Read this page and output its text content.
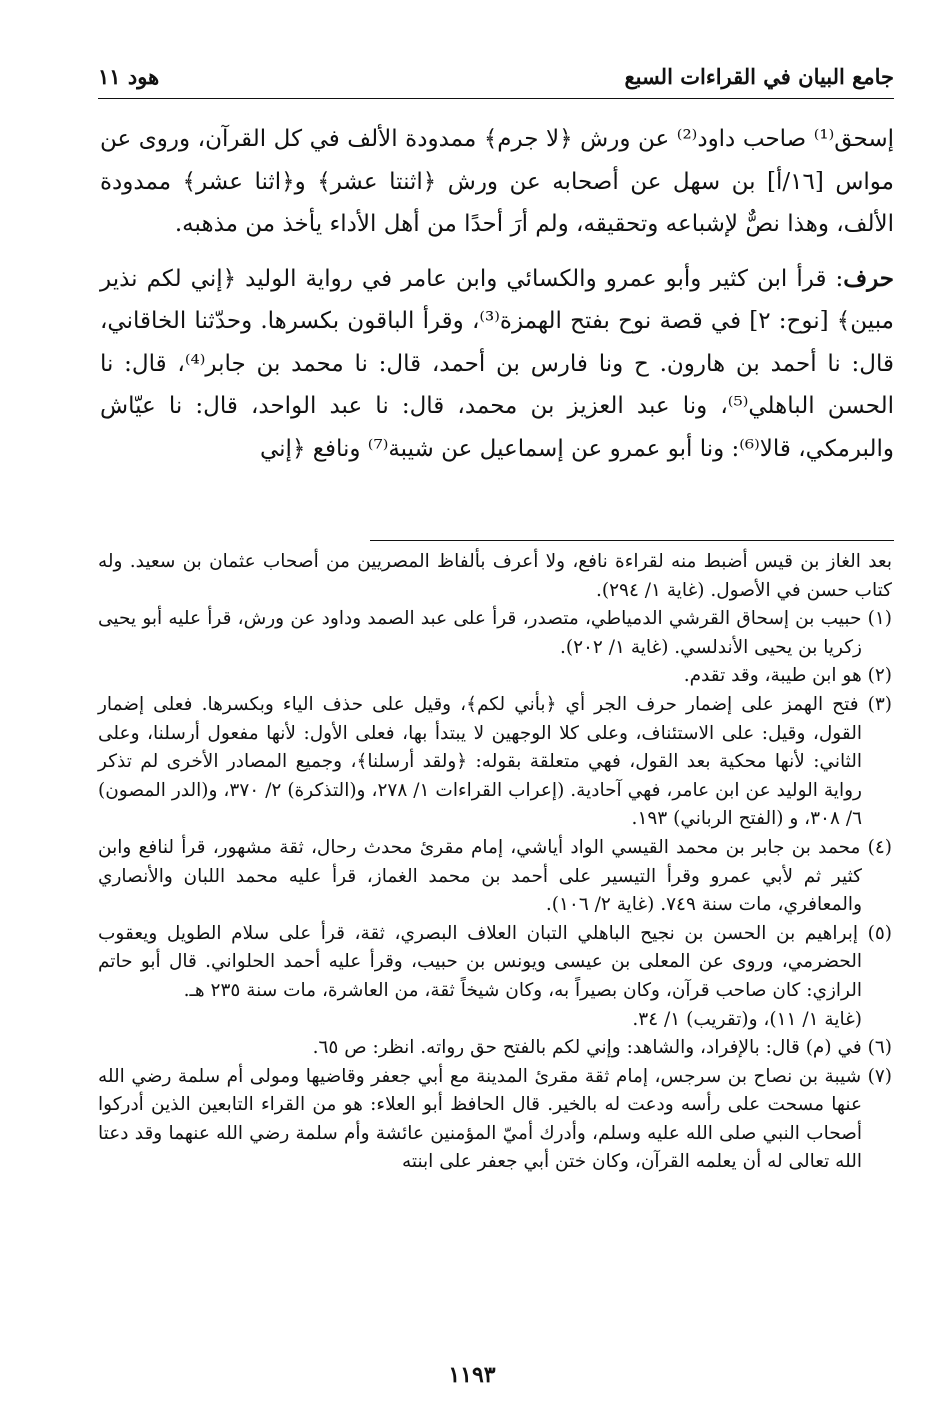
جامع البيان في القراءات السبع
هود ١١

إسحق⁽¹⁾ صاحب داود⁽²⁾ عن ورش ﴿لا جرم﴾ ممدودة الألف في كل القرآن، وروى عن مواس [١٦/أ] بن سهل عن أصحابه عن ورش ﴿اثنتا عشر﴾ و﴿اثنا عشر﴾ ممدودة الألف، وهذا نصٌّ لإشباعه وتحقيقه، ولم أرَ أحدًا من أهل الأداء يأخذ من مذهبه.

حرف: قرأ ابن كثير وأبو عمرو والكسائي وابن عامر في رواية الوليد ﴿إني لكم نذير مبين﴾ [نوح: ٢] في قصة نوح بفتح الهمزة⁽³⁾، وقرأ الباقون بكسرها. وحدّثنا الخاقاني، قال: نا أحمد بن هارون. ح ونا فارس بن أحمد، قال: نا محمد بن جابر⁽⁴⁾، قال: نا الحسن الباهلي⁽⁵⁾، ونا عبد العزيز بن محمد، قال: نا عبد الواحد، قال: نا عيّاش والبرمكي، قالا⁽⁶⁾: ونا أبو عمرو عن إسماعيل عن شيبة⁽⁷⁾ ونافع ﴿إني

بعد الغاز بن قيس أضبط منه لقراءة نافع، ولا أعرف بألفاظ المصريين من أصحاب عثمان بن سعيد. وله كتاب حسن في الأصول. (غاية ١/ ٢٩٤).

(١) حبيب بن إسحاق القرشي الدمياطي، متصدر، قرأ على عبد الصمد وداود عن ورش، قرأ عليه أبو يحيى زكريا بن يحيى الأندلسي. (غاية ١/ ٢٠٢).

(٢) هو ابن طيبة، وقد تقدم.

(٣) فتح الهمز على إضمار حرف الجر أي ﴿بأني لكم﴾، وقيل على حذف الياء وبكسرها. فعلى إضمار القول، وقيل: على الاستئناف، وعلى كلا الوجهين لا يبتدأ بها، فعلى الأول: لأنها مفعول أرسلنا، وعلى الثاني: لأنها محكية بعد القول، فهي متعلقة بقوله: ﴿ولقد أرسلنا﴾، وجميع المصادر الأخرى لم تذكر رواية الوليد عن ابن عامر، فهي آحادية. (إعراب القراءات ١/ ٢٧٨، و(التذكرة) ٢/ ٣٧٠، و(الدر المصون) ٦/ ٣٠٨، و (الفتح الرباني) ١٩٣.

(٤) محمد بن جابر بن محمد القيسي الواد أياشي، إمام مقرئ محدث رحال، ثقة مشهور، قرأ لنافع وابن كثير ثم لأبي عمرو وقرأ التيسير على أحمد بن محمد الغماز، قرأ عليه محمد اللبان والأنصاري والمعافري، مات سنة ٧٤٩. (غاية ٢/ ١٠٦).

(٥) إبراهيم بن الحسن بن نجيح الباهلي التبان العلاف البصري، ثقة، قرأ على سلام الطويل ويعقوب الحضرمي، وروى عن المعلى بن عيسى ويونس بن حبيب، وقرأ عليه أحمد الحلواني. قال أبو حاتم الرازي: كان صاحب قرآن، وكان بصيراً به، وكان شيخاً ثقة، من العاشرة، مات سنة ٢٣٥ هـ.

(غاية ١/ ١١)، و(تقريب) ١/ ٣٤.

(٦) في (م) قال: بالإفراد، والشاهد: وإني لكم بالفتح حق رواته. انظر: ص ٦٥.

(٧) شيبة بن نصاح بن سرجس، إمام ثقة مقرئ المدينة مع أبي جعفر وقاضيها ومولى أم سلمة رضي الله عنها مسحت على رأسه ودعت له بالخير. قال الحافظ أبو العلاء: هو من القراء التابعين الذين أدركوا أصحاب النبي صلى الله عليه وسلم، وأدرك أميّ المؤمنين عائشة وأم سلمة رضي الله عنهما وقد دعتا الله تعالى له أن يعلمه القرآن، وكان ختن أبي جعفر على ابنته

١١٩٣
